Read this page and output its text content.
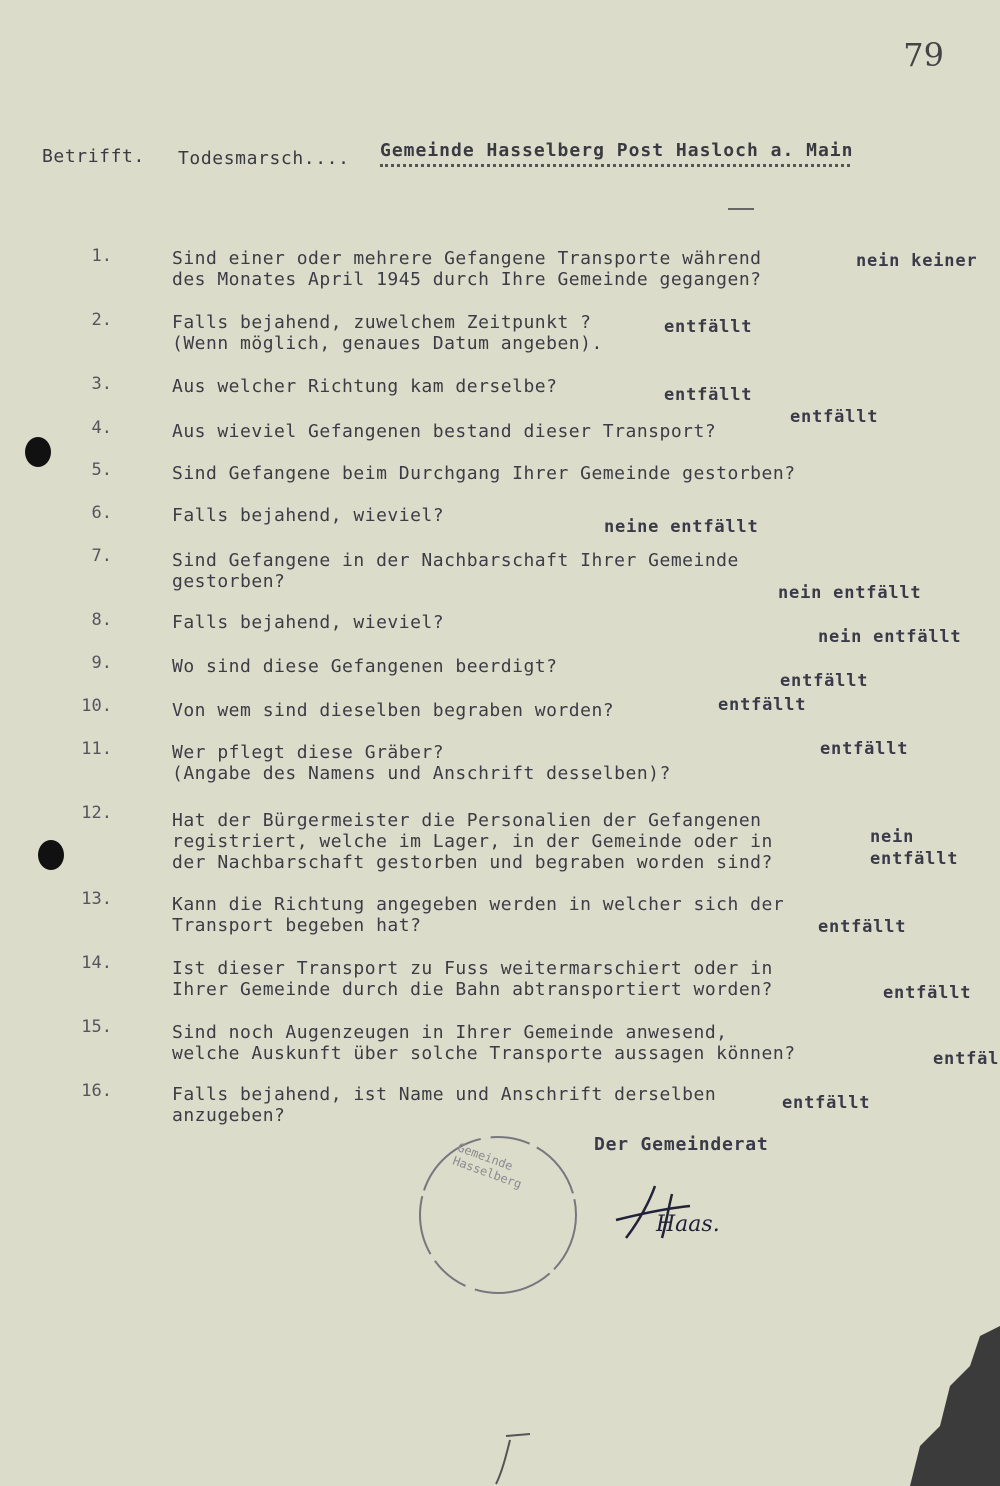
79
Betrifft. Todesmarsch.... Gemeinde Hasselberg Post Hasloch a. Main
1.
2.
3.
4.
5.
6.
7.
8.
9.
10.
11.
12.
13.
14.
15.
16.
Sind einer oder mehrere Gefangene Transporte während
des Monates April 1945 durch Ihre Gemeinde gegangen?
Falls bejahend, zuwelchem Zeitpunkt ?
(Wenn möglich, genaues Datum angeben).
Aus welcher Richtung kam derselbe?
Aus wieviel Gefangenen bestand dieser Transport?
Sind Gefangene beim Durchgang Ihrer Gemeinde gestorben?
Falls bejahend, wieviel?
Sind Gefangene in der Nachbarschaft Ihrer Gemeinde
gestorben?
Falls bejahend, wieviel?
Wo sind diese Gefangenen beerdigt?
Von wem sind dieselben begraben worden?
Wer pflegt diese Gräber?
(Angabe des Namens und Anschrift desselben)?
Hat der Bürgermeister die Personalien der Gefangenen
registriert, welche im Lager, in der Gemeinde oder in
der Nachbarschaft gestorben und begraben worden sind?
Kann die Richtung angegeben werden in welcher sich der
Transport begeben hat?
Ist dieser Transport zu Fuss weitermarschiert oder in
Ihrer Gemeinde durch die Bahn abtransportiert worden?
Sind noch Augenzeugen in Ihrer Gemeinde anwesend,
welche Auskunft über solche Transporte aussagen können?
Falls bejahend, ist Name und Anschrift derselben
anzugeben?
nein keiner
entfällt
entfällt
entfällt
neine entfällt
nein entfällt
nein entfällt
entfällt
entfällt
entfällt
nein
entfällt
entfällt
entfällt
entfäl
entfällt
Der Gemeinderat
Haas.
Gemeinde Hasselberg
